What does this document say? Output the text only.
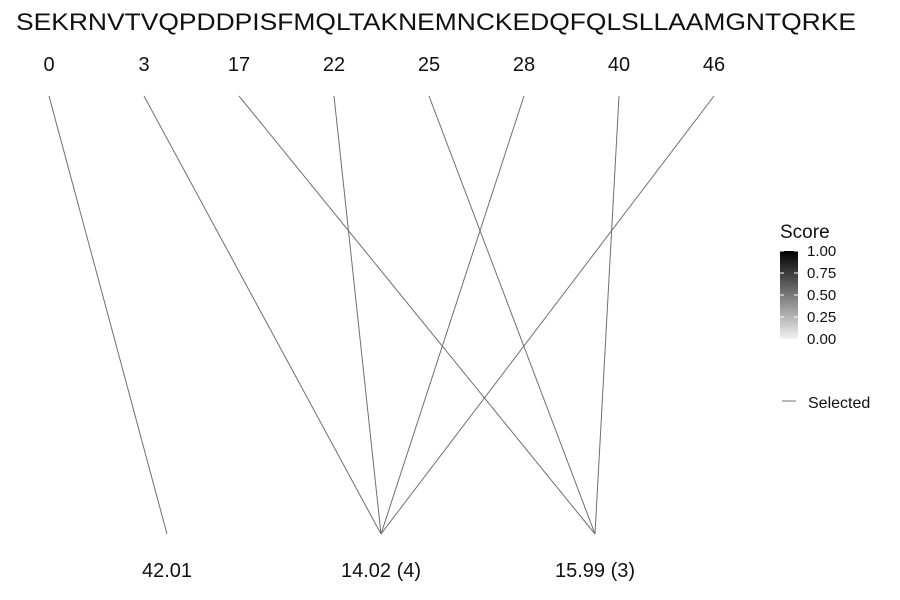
SEKRNVTVQPDDPISFMQLTAKNEMNCKEDQFQLSLLAAMGNTQRKE
0	3	17	22	25	28	40	46
42.01	14.02 (4)	15.99 (3)
Score
1.00
0.75
0.50
0.25
0.00
Selected
